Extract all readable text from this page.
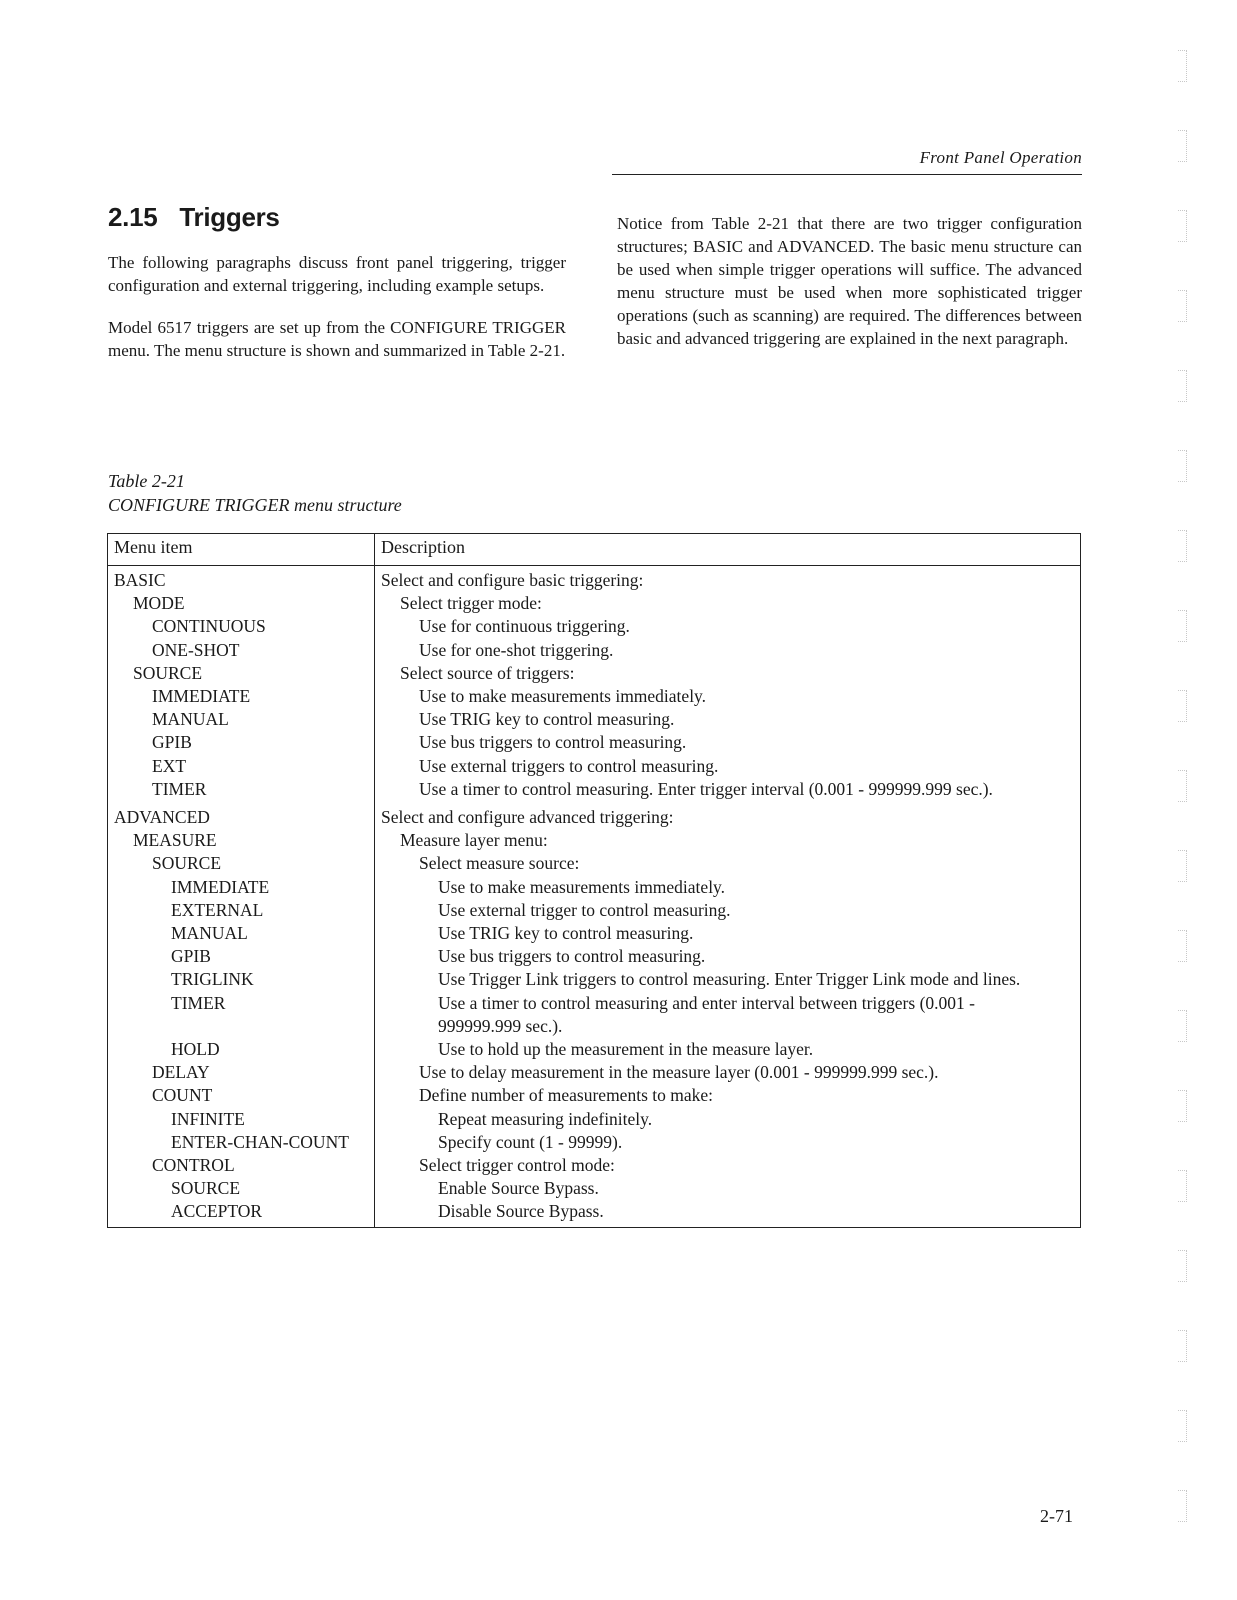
Front Panel Operation
2.15 Triggers

The following paragraphs discuss front panel triggering, trigger configuration and external triggering, including example setups.

Model 6517 triggers are set up from the CONFIGURE TRIGGER menu. The menu structure is shown and summarized in Table 2-21.

Notice from Table 2-21 that there are two trigger configuration structures; BASIC and ADVANCED. The basic menu structure can be used when simple trigger operations will suffice. The advanced menu structure must be used when more sophisticated trigger operations (such as scanning) are required. The differences between basic and advanced triggering are explained in the next paragraph.

Table 2-21
CONFIGURE TRIGGER menu structure
Menu item	Description

BASIC	Select and configure basic triggering:

MODE	Select trigger mode:

CONTINUOUS	Use for continuous triggering.

ONE-SHOT	Use for one-shot triggering.

SOURCE	Select source of triggers:

IMMEDIATE	Use to make measurements immediately.

MANUAL	Use TRIG key to control measuring.

GPIB	Use bus triggers to control measuring.

EXT	Use external triggers to control measuring.

TIMER	Use a timer to control measuring. Enter trigger interval (0.001 - 999999.999 sec.).

ADVANCED	Select and configure advanced triggering:

MEASURE	Measure layer menu:

SOURCE	Select measure source:

IMMEDIATE	Use to make measurements immediately.

EXTERNAL	Use external trigger to control measuring.

MANUAL	Use TRIG key to control measuring.

GPIB	Use bus triggers to control measuring.

TRIGLINK	Use Trigger Link triggers to control measuring. Enter Trigger Link mode and lines.

TIMER	Use a timer to control measuring and enter interval between triggers (0.001 - 999999.999 sec.).

HOLD	Use to hold up the measurement in the measure layer.

DELAY	Use to delay measurement in the measure layer (0.001 - 999999.999 sec.).

COUNT	Define number of measurements to make:

INFINITE	Repeat measuring indefinitely.

ENTER-CHAN-COUNT	Specify count (1 - 99999).

CONTROL	Select trigger control mode:

SOURCE	Enable Source Bypass.

ACCEPTOR	Disable Source Bypass.
2-71
